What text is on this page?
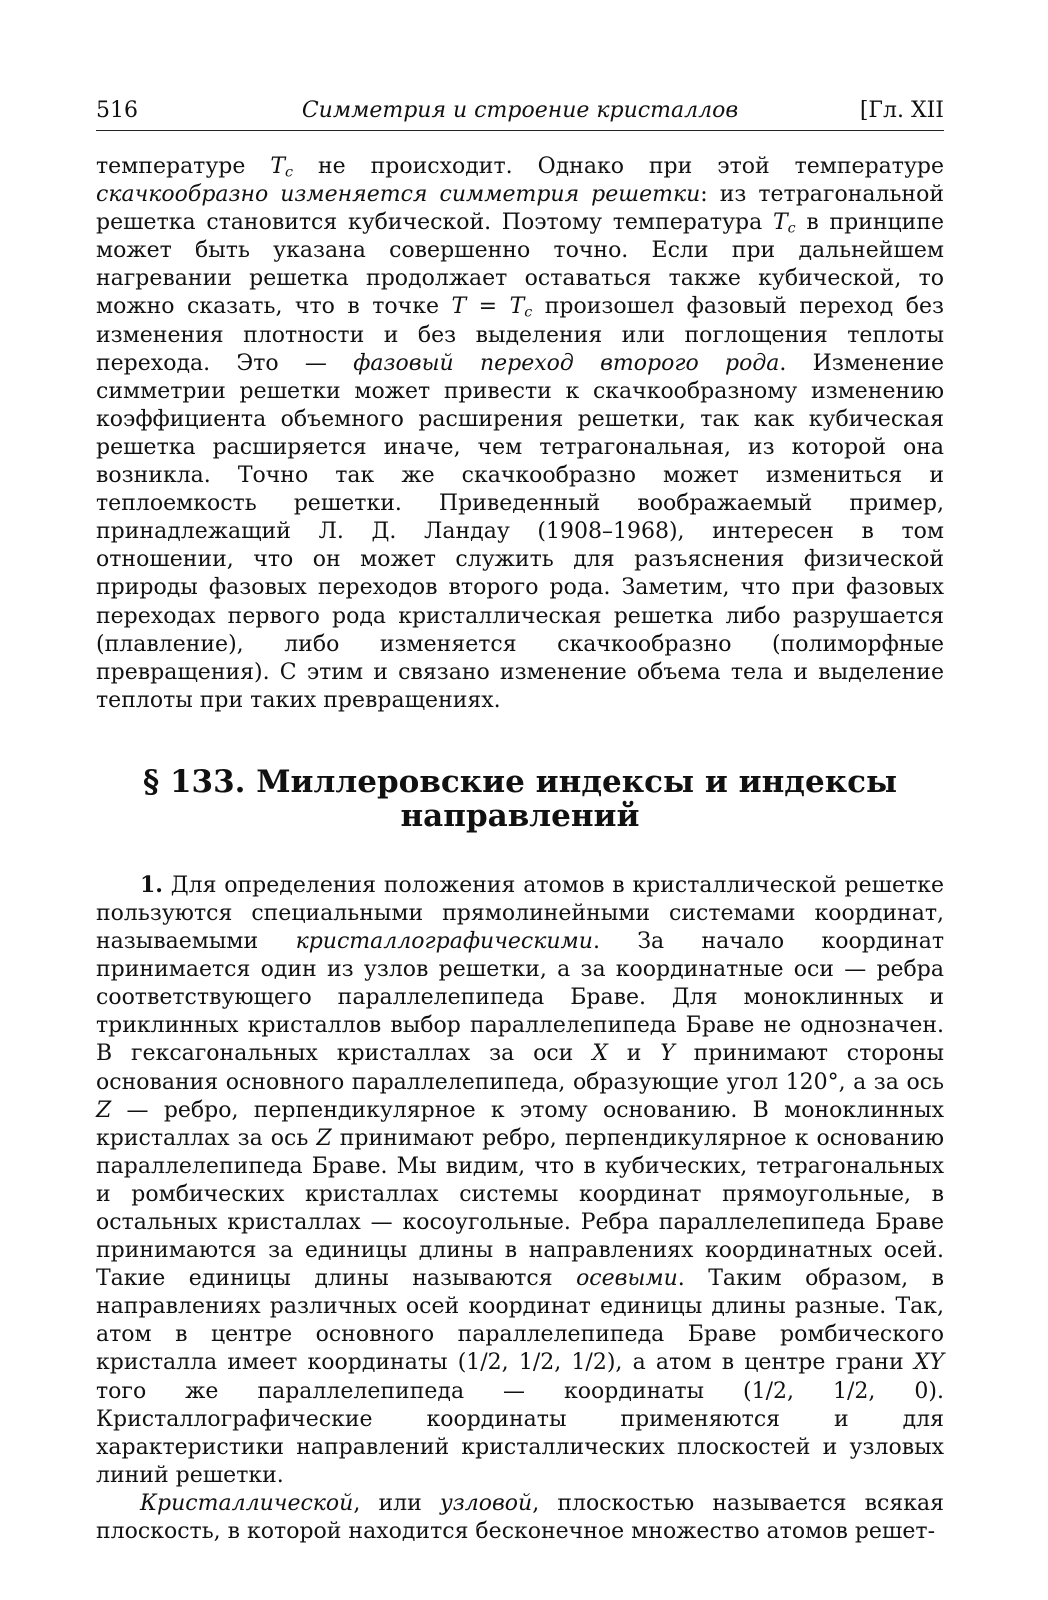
516	Симметрия и строение кристаллов	[Гл. XII

температуре $T_c$ не происходит. Однако при этой температуре скачкообразно изменяется симметрия решетки: из тетрагональной решетка становится кубической. Поэтому температура $T_c$ в принципе может быть указана совершенно точно. Если при дальнейшем нагревании решетка продолжает оставаться также кубической, то можно сказать, что в точке $T = T_c$ произошел фазовый переход без изменения плотности и без выделения или поглощения теплоты перехода. Это — фазовый переход второго рода. Изменение симметрии решетки может привести к скачкообразному изменению коэффициента объемного расширения решетки, так как кубическая решетка расширяется иначе, чем тетрагональная, из которой она возникла. Точно так же скачкообразно может измениться и теплоемкость решетки. Приведенный воображаемый пример, принадлежащий Л. Д. Ландау (1908–1968), интересен в том отношении, что он может служить для разъяснения физической природы фазовых переходов второго рода. Заметим, что при фазовых переходах первого рода кристаллическая решетка либо разрушается (плавление), либо изменяется скачкообразно (полиморфные превращения). С этим и связано изменение объема тела и выделение теплоты при таких превращениях.

§ 133. Миллеровские индексы и индексы направлений

1. Для определения положения атомов в кристаллической решетке пользуются специальными прямолинейными системами координат, называемыми кристаллографическими. За начало координат принимается один из узлов решетки, а за координатные оси — ребра соответствующего параллелепипеда Браве. Для моноклинных и триклинных кристаллов выбор параллелепипеда Браве не однозначен. В гексагональных кристаллах за оси X и Y принимают стороны основания основного параллелепипеда, образующие угол 120°, а за ось Z — ребро, перпендикулярное к этому основанию. В моноклинных кристаллах за ось Z принимают ребро, перпендикулярное к основанию параллелепипеда Браве. Мы видим, что в кубических, тетрагональных и ромбических кристаллах системы координат прямоугольные, в остальных кристаллах — косоугольные. Ребра параллелепипеда Браве принимаются за единицы длины в направлениях координатных осей. Такие единицы длины называются осевыми. Таким образом, в направлениях различных осей координат единицы длины разные. Так, атом в центре основного параллелепипеда Браве ромбического кристалла имеет координаты (1/2, 1/2, 1/2), а атом в центре грани XY того же параллелепипеда — координаты (1/2, 1/2, 0). Кристаллографические координаты применяются и для характеристики направлений кристаллических плоскостей и узловых линий решетки.

Кристаллической, или узловой, плоскостью называется всякая плоскость, в которой находится бесконечное множество атомов решет-
